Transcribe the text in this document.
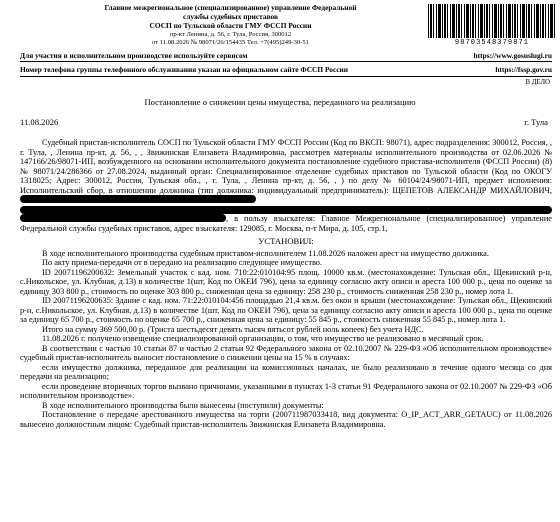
Главное межрегиональное (специализированное) управление Федеральной
службы судебных приставов
СОСП по Тульской области ГМУ ФССП России
пр-кт Ленина, д. 56, г. Тула, Россия, 300012
от 11.08.2026 № 98071/26/154435 Тел. +7(495)249-30-51	98703548379871
Для участия в исполнительном производстве используйте сервисом	https://www.gosuslugi.ru
Номер телефона группы телефонного обслуживания указан на официальном сайте ФССП России	https://fssp.gov.ru
В ДЕЛО
Постановление о снижении цены имущества, переданного на реализацию
11.08.2026	г. Тула

Судебный пристав-исполнитель СОСП по Тульской области ГМУ ФССП России (Код по ВКСП: 98071), адрес подразделения: 300012, Россия, , г. Тула, , Ленина пр-кт, д. 56, , , Звижинская Елизавета Владимировна, рассмотрев материалы исполнительного производства от 02.06.2026 № 147166/26/98071-ИП, возбужденного на основании исполнительного документа постановление судебного пристава-исполнителя (ФССП России) (8) № 98071/24/286366 от 27.08.2024, выданный орган: Специализированное отделение судебных приставов по Тульской области (Код по ОКОГУ 1318025; Адрес: 300012, Россия, Тульская обл., , г. Тула, , Ленина пр-кт, д. 56, , ) по делу № 60104/24/98071-ИП, предмет исполнения: Исполнительский сбор, в отношении должника (тип должника: индивидуальный предприниматель): ЩЕПЕТОВ АЛЕКСАНДР МИХАЙЛОВИЧ,

, в пользу взыскателя: Главное Межрегиональное (специализированное) управление Федеральной службы судебных приставов, адрес взыскателя: 129085, г. Москва, п-т Мира, д. 105, стр.1,

УСТАНОВИЛ:

В ходе исполнительного производства судебным приставом-исполнителем 11.08.2026 наложен арест на имущество должника.

По акту приема-передачи от в передано на реализацию следующее имущество.

ID 20071196200632: Земельный участок с кад. ном. 710:22:010104:95 площ. 10000 кв.м. (местонахождение: Тульская обл., Щекинский р-н, с.Никольское, ул. Клубная, д.13) в количестве 1(шт, Код по ОКЕИ 796), цена за единицу согласно акту описи и ареста 100 000 р., цена по оценке за единицу 303 800 р., стоимость по оценке 303 800 р., сниженная цена за единицу: 258 230 р., стоимость сниженная 258 230 р., номер лота 1.

ID 20071196200635: Здание с кад. ном. 71:22:010104:456 площадью 21,4 кв.м. без окон и крыши (местонахождение: Тульская обл., Щекинский р-н, с.Никольское, ул. Клубная, д.13) в количестве 1(шт, Код по ОКЕИ 796), цена за единицу согласно акту описи и ареста 100 000 р., цена по оценке за единицу 65 700 р., стоимость по оценке 65 700 р., сниженная цена за единицу: 55 845 р., стоимость сниженная 55 845 р., номер лота 1.

Итого на сумму 369 500,00 р. (Триста шестьдесят девять тысяч пятьсот рублей ноль копеек) без учета НДС.

11.08.2026 г. получено извещение специализированной организации, о том, что имущество не реализовано в месячный срок.

В соответствии с частью 10 статьи 87 и частью 2 статьи 92 Федерального закона от 02.10.2007 № 229-ФЗ «Об исполнительном производстве» судебный пристав-исполнитель выносит постановление о снижении цены на 15 % в случаях:

если имущество должника, переданное для реализации на комиссионных началах, не было реализовано в течение одного месяца со дня передачи на реализацию;

если проведение вторичных торгов вызвано причинами, указанными в пунктах 1-3 статьи 91 Федерального закона от 02.10.2007 № 229-ФЗ «Об исполнительном производстве».

В ходе исполнительного производства были вынесены (поступили) документы:

Постановление о передаче арестованного имущества на торги (20071198703341​8, вид документа: O_IP_ACT_ARR_GETAUC) от 11.08.2026 вынесено должностным лицом: Судебный пристав-исполнитель Звижинская Елизавета Владимировна.
